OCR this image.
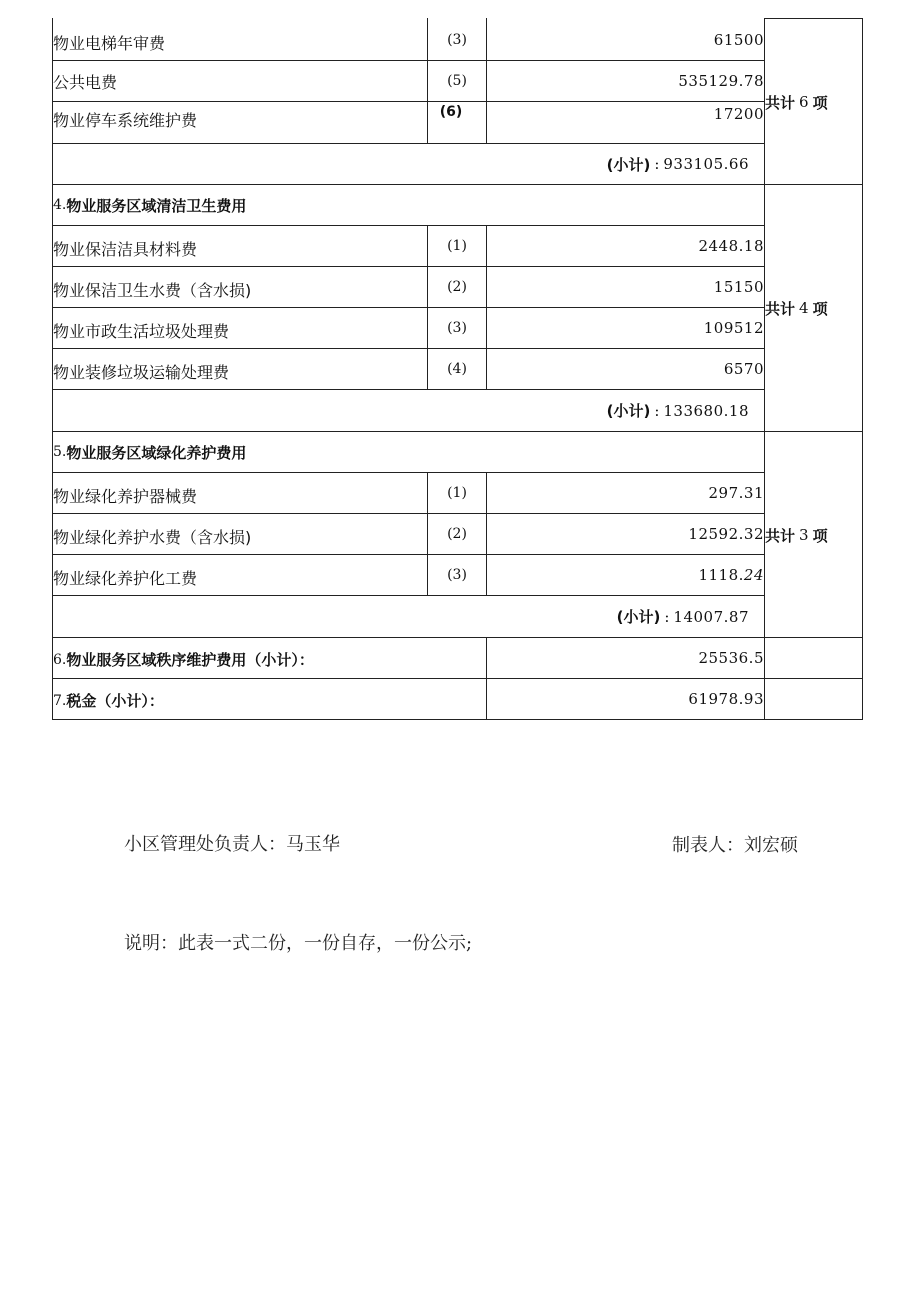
物业电梯年审费	(3)	61500
公共电费	(5)	535129.78
物业停车系统维护费	(6)	17200
(小计) : 933105.66
共计 6 项
4. 物业服务区域清洁卫生费用
物业保洁洁具材料费	(1)	2448.18
物业保洁卫生水费（含水损)	(2)	15150
物业市政生活垃圾处理费	(3)	109512
物业装修垃圾运输处理费	(4)	6570
(小计) : 133680.18
共计 4 项
5. 物业服务区域绿化养护费用
物业绿化养护器械费	(1)	297.31
物业绿化养护水费（含水损)	(2)	12592.32
物业绿化养护化工费	(3)	1118. 24
(小计) : 14007.87
共计 3 项
6. 物业服务区域秩序维护费用（小计）：	25536.5
7. 税金（小计）：	61978.93
小区管理处负责人：马玉华	制表人：刘宏硕
说明：此表一式二份，一份自存，一份公示;
